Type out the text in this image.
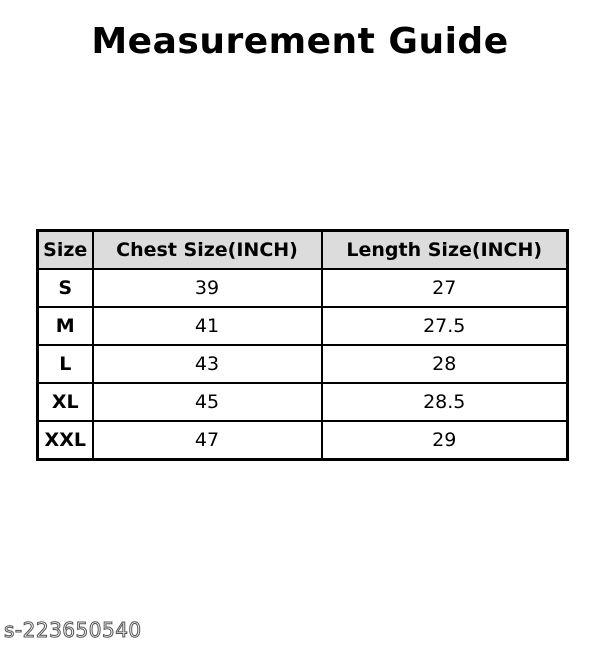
Measurement Guide
Size	Chest Size(INCH)	Length Size(INCH)
S	39	27
M	41	27.5
L	43	28
XL	45	28.5
XXL	47	29
s-223650540
